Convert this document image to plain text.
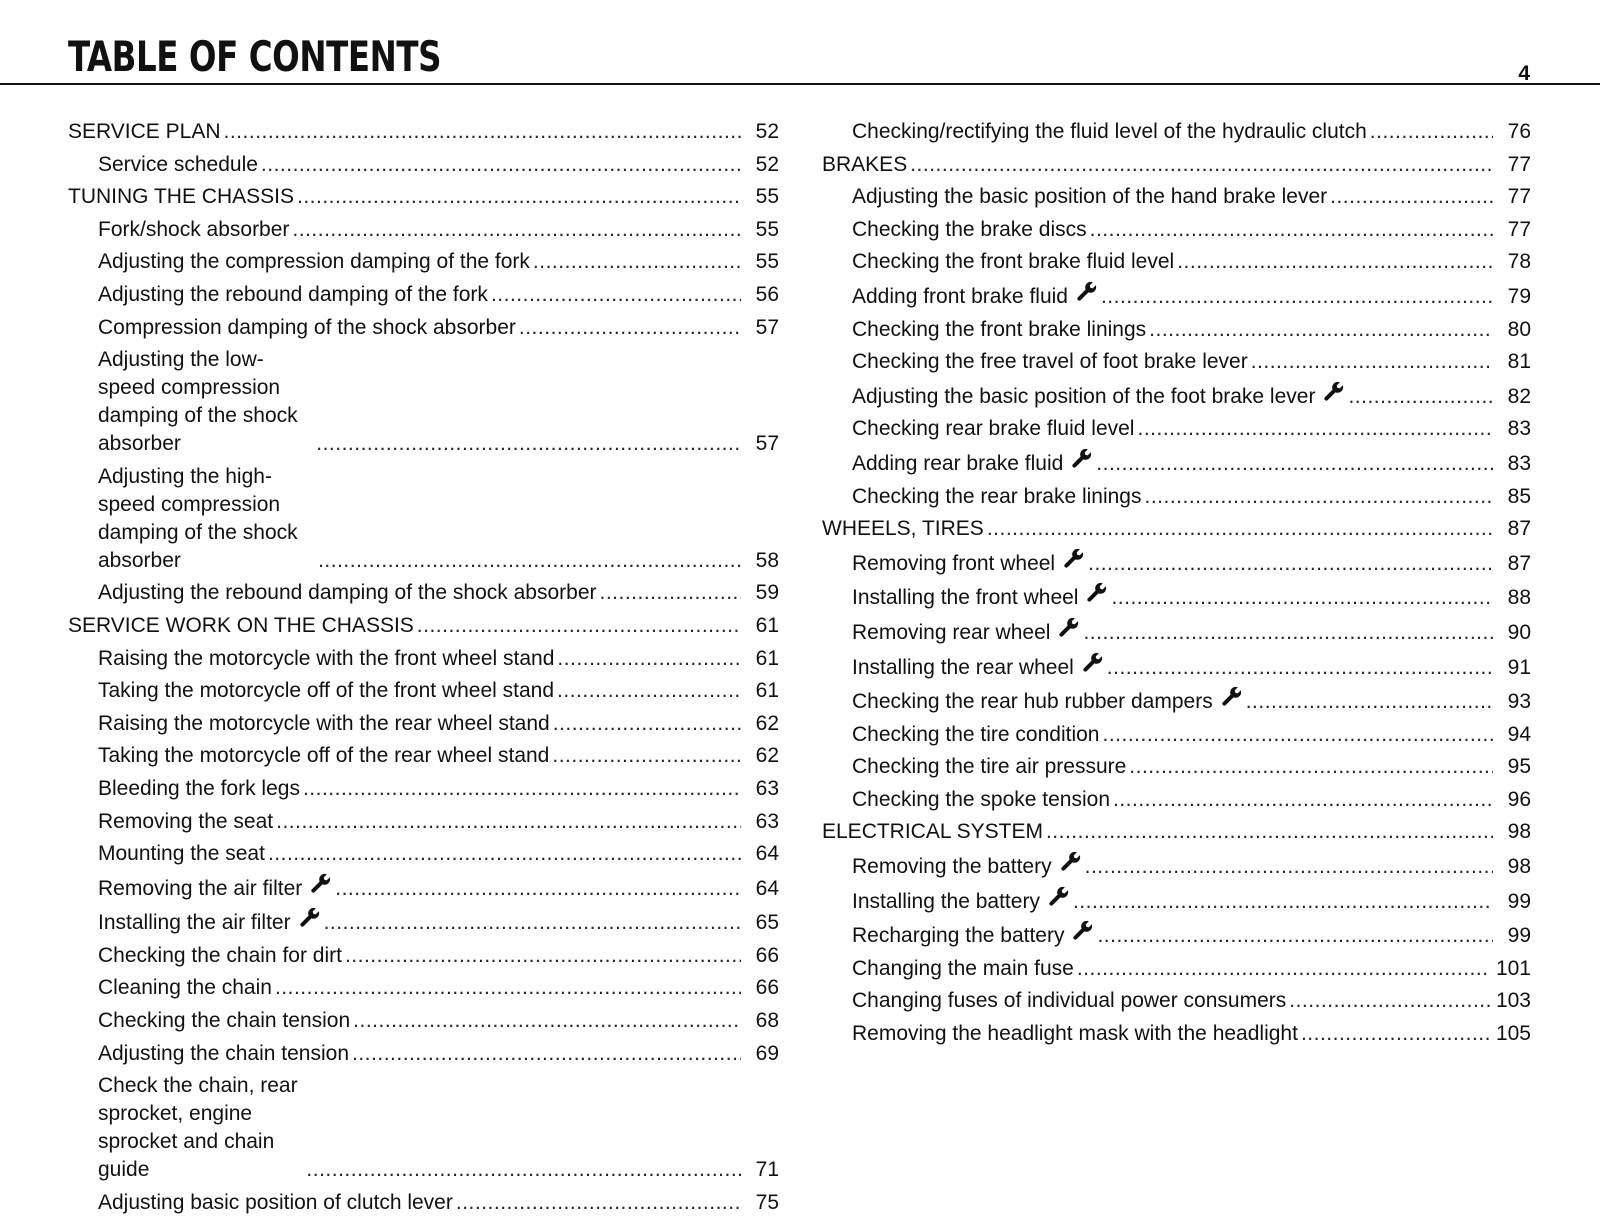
TABLE OF CONTENTS	4
SERVICE PLAN .....	52
Service schedule .....	52
TUNING THE CHASSIS .....	55
Fork/shock absorber .....	55
Adjusting the compression damping of the fork .....	55
Adjusting the rebound damping of the fork .....	56
Compression damping of the shock absorber .....	57
Adjusting the low-speed compression damping of the shock absorber .....	57
Adjusting the high-speed compression damping of the shock absorber .....	58
Adjusting the rebound damping of the shock absorber .....	59
SERVICE WORK ON THE CHASSIS .....	61
Raising the motorcycle with the front wheel stand .....	61
Taking the motorcycle off of the front wheel stand .....	61
Raising the motorcycle with the rear wheel stand .....	62
Taking the motorcycle off of the rear wheel stand .....	62
Bleeding the fork legs .....	63
Removing the seat .....	63
Mounting the seat .....	64
Removing the air filter .....	64
Installing the air filter .....	65
Checking the chain for dirt .....	66
Cleaning the chain .....	66
Checking the chain tension .....	68
Adjusting the chain tension .....	69
Check the chain, rear sprocket, engine sprocket and chain guide .....	71
Adjusting basic position of clutch lever .....	75
Checking/rectifying the fluid level of the hydraulic clutch .....	76
BRAKES .....	77
Adjusting the basic position of the hand brake lever .....	77
Checking the brake discs .....	77
Checking the front brake fluid level .....	78
Adding front brake fluid .....	79
Checking the front brake linings .....	80
Checking the free travel of foot brake lever .....	81
Adjusting the basic position of the foot brake lever .....	82
Checking rear brake fluid level .....	83
Adding rear brake fluid .....	83
Checking the rear brake linings .....	85
WHEELS, TIRES .....	87
Removing front wheel .....	87
Installing the front wheel .....	88
Removing rear wheel .....	90
Installing the rear wheel .....	91
Checking the rear hub rubber dampers .....	93
Checking the tire condition .....	94
Checking the tire air pressure .....	95
Checking the spoke tension .....	96
ELECTRICAL SYSTEM .....	98
Removing the battery .....	98
Installing the battery .....	99
Recharging the battery .....	99
Changing the main fuse .....	101
Changing fuses of individual power consumers .....	103
Removing the headlight mask with the headlight .....	105
